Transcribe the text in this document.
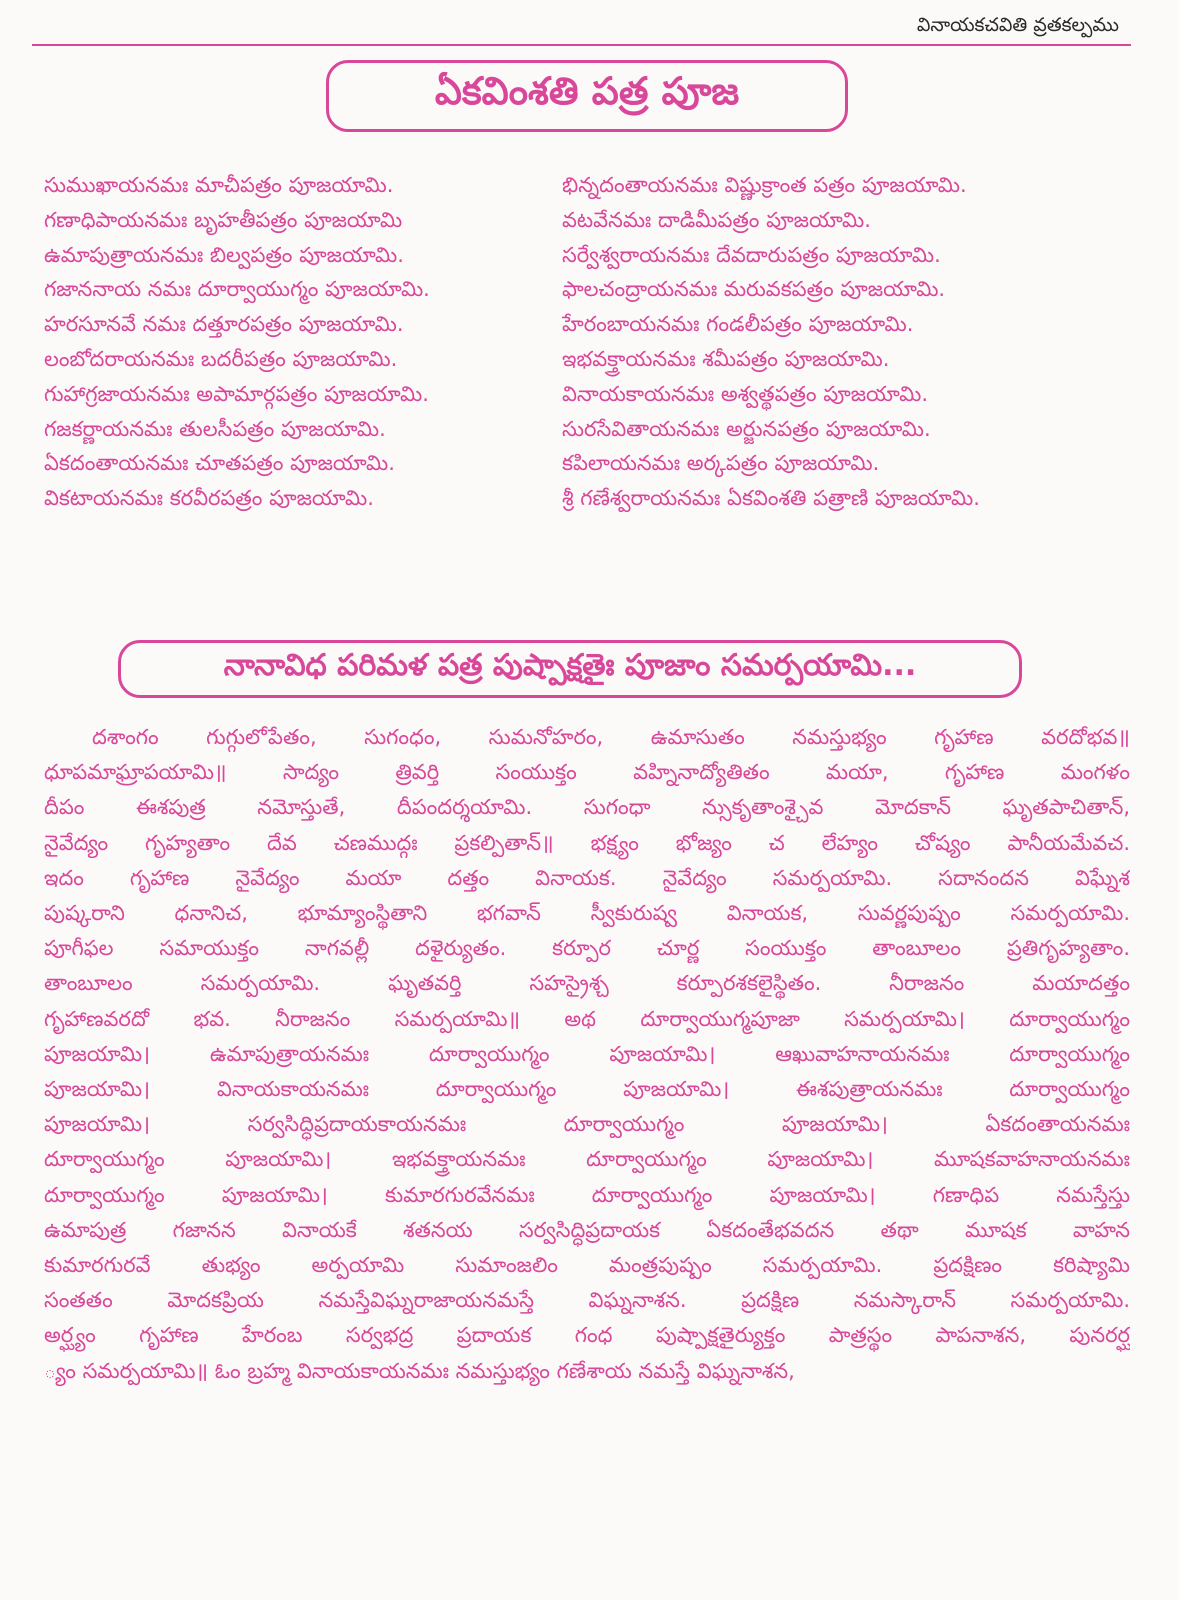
వినాయకచవితి వ్రతకల్పము
ఏకవింశతి పత్ర పూజ
సుముఖాయనమః మాచీపత్రం పూజయామి.
గణాధిపాయనమః బృహతీపత్రం పూజయామి
ఉమాపుత్రాయనమః బిల్వపత్రం పూజయామి.
గజాననాయ నమః దూర్వాయుగ్మం పూజయామి.
హరసూనవే నమః దత్తూరపత్రం పూజయామి.
లంబోదరాయనమః బదరీపత్రం పూజయామి.
గుహాగ్రజాయనమః అపామార్గపత్రం పూజయామి.
గజకర్ణాయనమః తులసీపత్రం పూజయామి.
ఏకదంతాయనమః చూతపత్రం పూజయామి.
వికటాయనమః కరవీరపత్రం పూజయామి.
భిన్నదంతాయనమః విష్ణుక్రాంత పత్రం పూజయామి.
వటవేనమః దాడిమీపత్రం పూజయామి.
సర్వేశ్వరాయనమః దేవదారుపత్రం పూజయామి.
ఫాలచంద్రాయనమః మరువకపత్రం పూజయామి.
హేరంబాయనమః గండలీపత్రం పూజయామి.
ఇభవక్త్రాయనమః శమీపత్రం పూజయామి.
వినాయకాయనమః అశ్వత్థపత్రం పూజయామి.
సురసేవితాయనమః అర్జునపత్రం పూజయామి.
కపిలాయనమః అర్కపత్రం పూజయామి.
శ్రీ గణేశ్వరాయనమః ఏకవింశతి పత్రాణి పూజయామి.
నానావిధ పరిమళ పత్ర పుష్పాక్షతైః పూజాం సమర్పయామి...
దశాంగం గుగ్గులోపేతం, సుగంధం, సుమనోహరం, ఉమాసుతం నమస్తుభ్యం గృహాణ వరదోభవ॥
ధూపమాఘ్రాపయామి॥ సాద్యం త్రివర్తి సంయుక్తం వహ్నినాద్యోతితం మయా, గృహాణ మంగళం
దీపం ఈశపుత్ర నమోస్తుతే, దీపందర్శయామి. సుగంధా న్సుకృతాంశ్చైవ మోదకాన్ ఘృతపాచితాన్,
నైవేద్యం గృహ్యతాం దేవ చణముద్గః ప్రకల్పితాన్॥ భక్ష్యం భోజ్యం చ లేహ్యం చోష్యం పానీయమేవచ.
ఇదం గృహాణ నైవేద్యం మయా దత్తం వినాయక. నైవేద్యం సమర్పయామి. సదానందన విఘ్నేశ
పుష్కరాని ధనానిచ, భూమ్యాంస్థితాని భగవాన్ స్వీకురుష్వ వినాయక, సువర్ణపుష్పం సమర్పయామి.
పూగీఫల సమాయుక్తం నాగవల్లీ దళైర్యుతం. కర్పూర చూర్ణ సంయుక్తం తాంబూలం ప్రతిగృహ్యతాం.
తాంబూలం సమర్పయామి. ఘృతవర్తి సహస్రైశ్చ కర్పూరశకలైస్థితం. నీరాజనం మయాదత్తం
గృహాణవరదో భవ. నీరాజనం సమర్పయామి॥ అథ దూర్వాయుగ్మపూజా సమర్పయామి। దూర్వాయుగ్మం
పూజయామి। ఉమాపుత్రాయనమః దూర్వాయుగ్మం పూజయామి। ఆఖువాహనాయనమః దూర్వాయుగ్మం
పూజయామి। వినాయకాయనమః దూర్వాయుగ్మం పూజయామి। ఈశపుత్రాయనమః దూర్వాయుగ్మం
పూజయామి। సర్వసిద్ధిప్రదాయకాయనమః దూర్వాయుగ్మం పూజయామి। ఏకదంతాయనమః
దూర్వాయుగ్మం పూజయామి। ఇభవక్త్రాయనమః దూర్వాయుగ్మం పూజయామి। మూషకవాహనాయనమః
దూర్వాయుగ్మం పూజయామి। కుమారగురవేనమః దూర్వాయుగ్మం పూజయామి। గణాధిప నమస్తేస్తు
ఉమాపుత్ర గజానన వినాయకే శతనయ సర్వసిద్ధిప్రదాయక ఏకదంతేభవదన తథా మూషక వాహన
కుమారగురవే తుభ్యం అర్పయామి సుమాంజలిం మంత్రపుష్పం సమర్పయామి. ప్రదక్షిణం కరిష్యామి
సంతతం మోదకప్రియ నమస్తేవిఘ్నరాజాయనమస్తే విఘ్ననాశన. ప్రదక్షిణ నమస్కారాన్ సమర్పయామి.
అర్ఘ్యం గృహాణ హేరంబ సర్వభద్ర ప్రదాయక గంధ పుష్పాక్షతైర్యుక్తం పాత్రస్థం పాపనాశన, పునరర్ఘ
్యం సమర్పయామి॥ ఓం బ్రహ్మ వినాయకాయనమః నమస్తుభ్యం గణేశాయ నమస్తే విఘ్ననాశన,
